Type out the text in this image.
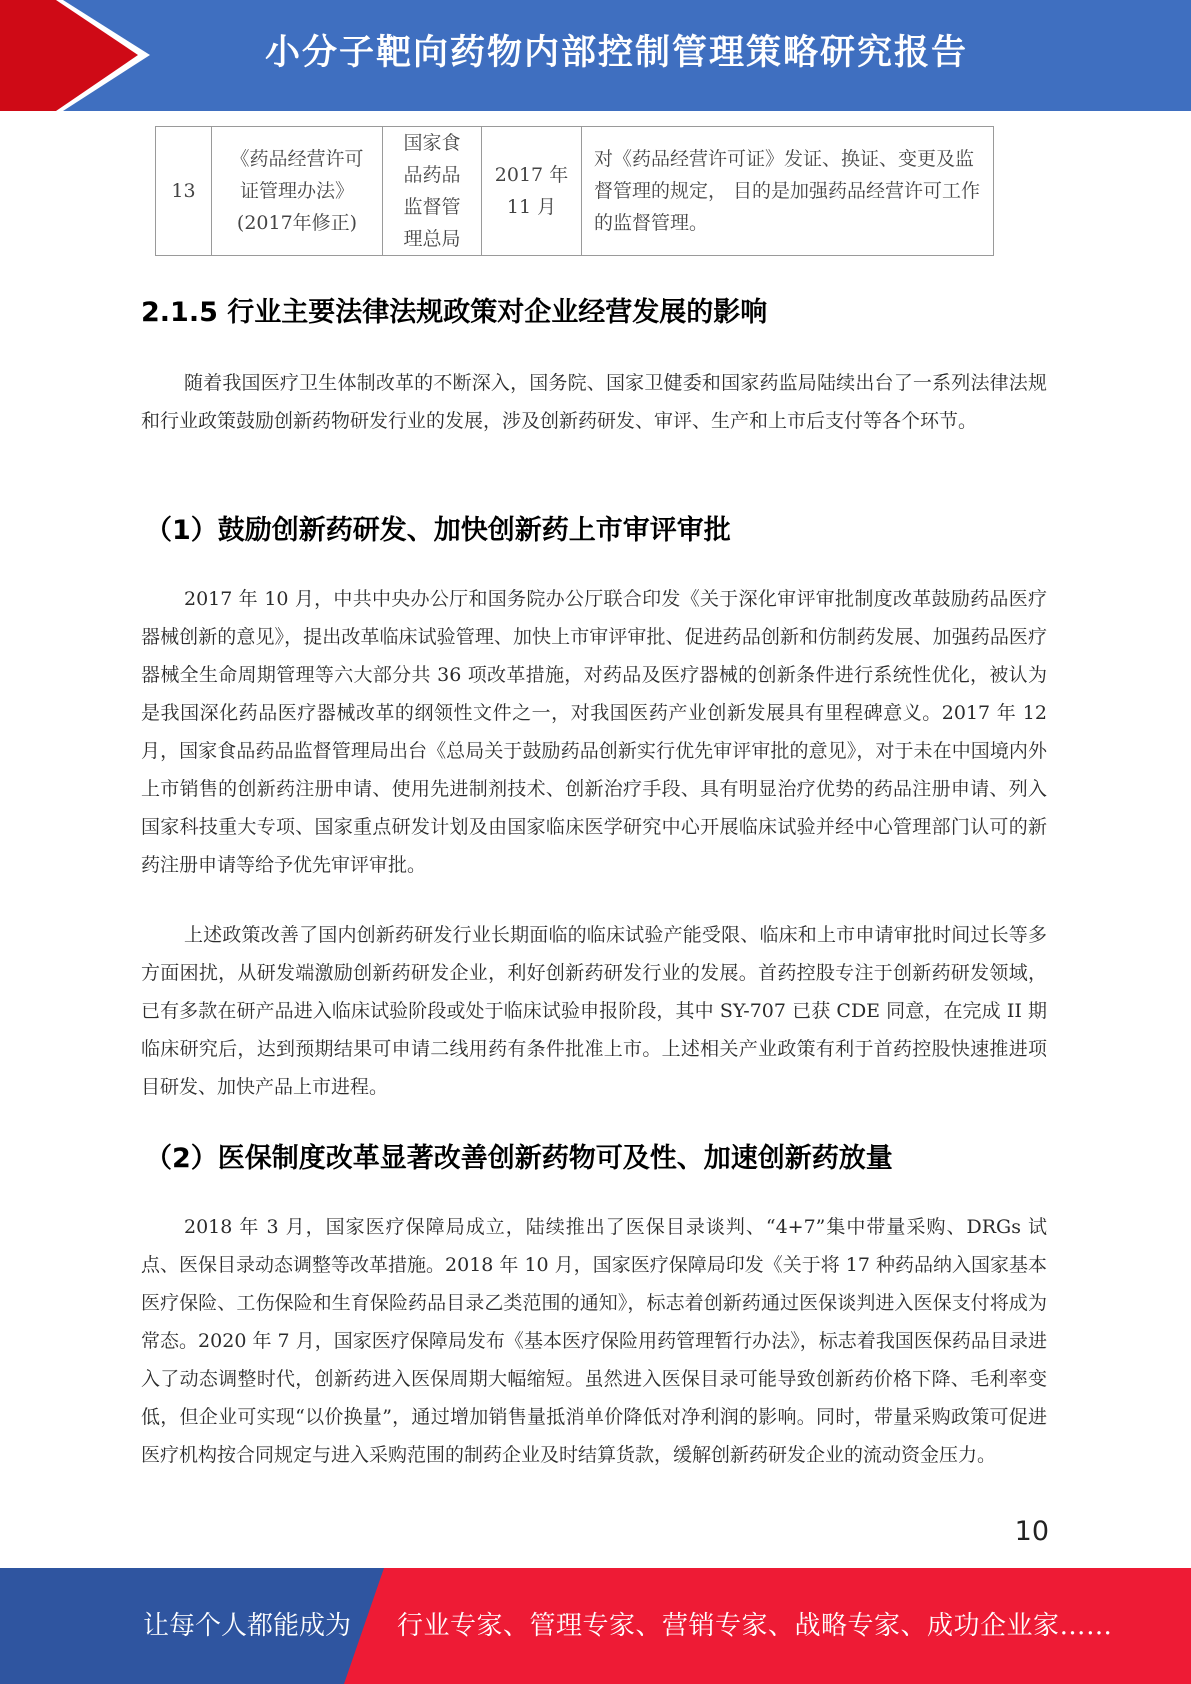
小分子靶向药物内部控制管理策略研究报告
13	《药品经营许可证管理办法》(2017年修正)	国家食品药品监督管理总局	2017 年 11 月	对《药品经营许可证》发证、换证、变更及监督管理的规定， 目的是加强药品经营许可工作的监督管理。
2.1.5 行业主要法律法规政策对企业经营发展的影响

随着我国医疗卫生体制改革的不断深入，国务院、国家卫健委和国家药监局陆续出台了一系列法律法规和行业政策鼓励创新药物研发行业的发展，涉及创新药研发、审评、生产和上市后支付等各个环节。

（1）鼓励创新药研发、加快创新药上市审评审批

2017 年 10 月，中共中央办公厅和国务院办公厅联合印发《关于深化审评审批制度改革鼓励药品医疗器械创新的意见》，提出改革临床试验管理、加快上市审评审批、促进药品创新和仿制药发展、加强药品医疗器械全生命周期管理等六大部分共 36 项改革措施，对药品及医疗器械的创新条件进行系统性优化，被认为是我国深化药品医疗器械改革的纲领性文件之一，对我国医药产业创新发展具有里程碑意义。2017 年 12 月，国家食品药品监督管理局出台《总局关于鼓励药品创新实行优先审评审批的意见》，对于未在中国境内外上市销售的创新药注册申请、使用先进制剂技术、创新治疗手段、具有明显治疗优势的药品注册申请、列入国家科技重大专项、国家重点研发计划及由国家临床医学研究中心开展临床试验并经中心管理部门认可的新药注册申请等给予优先审评审批。

上述政策改善了国内创新药研发行业长期面临的临床试验产能受限、临床和上市申请审批时间过长等多方面困扰，从研发端激励创新药研发企业，利好创新药研发行业的发展。首药控股专注于创新药研发领域，已有多款在研产品进入临床试验阶段或处于临床试验申报阶段，其中 SY-707 已获 CDE 同意，在完成 II 期临床研究后，达到预期结果可申请二线用药有条件批准上市。上述相关产业政策有利于首药控股快速推进项目研发、加快产品上市进程。

（2）医保制度改革显著改善创新药物可及性、加速创新药放量

2018 年 3 月，国家医疗保障局成立，陆续推出了医保目录谈判、“4+7”集中带量采购、DRGs 试点、医保目录动态调整等改革措施。2018 年 10 月，国家医疗保障局印发《关于将 17 种药品纳入国家基本医疗保险、工伤保险和生育保险药品目录乙类范围的通知》，标志着创新药通过医保谈判进入医保支付将成为常态。2020 年 7 月，国家医疗保障局发布《基本医疗保险用药管理暂行办法》，标志着我国医保药品目录进入了动态调整时代，创新药进入医保周期大幅缩短。虽然进入医保目录可能导致创新药价格下降、毛利率变低，但企业可实现“以价换量”，通过增加销售量抵消单价降低对净利润的影响。同时，带量采购政策可促进医疗机构按合同规定与进入采购范围的制药企业及时结算货款，缓解创新药研发企业的流动资金压力。

10
让每个人都能成为 行业专家、管理专家、营销专家、战略专家、成功企业家……
